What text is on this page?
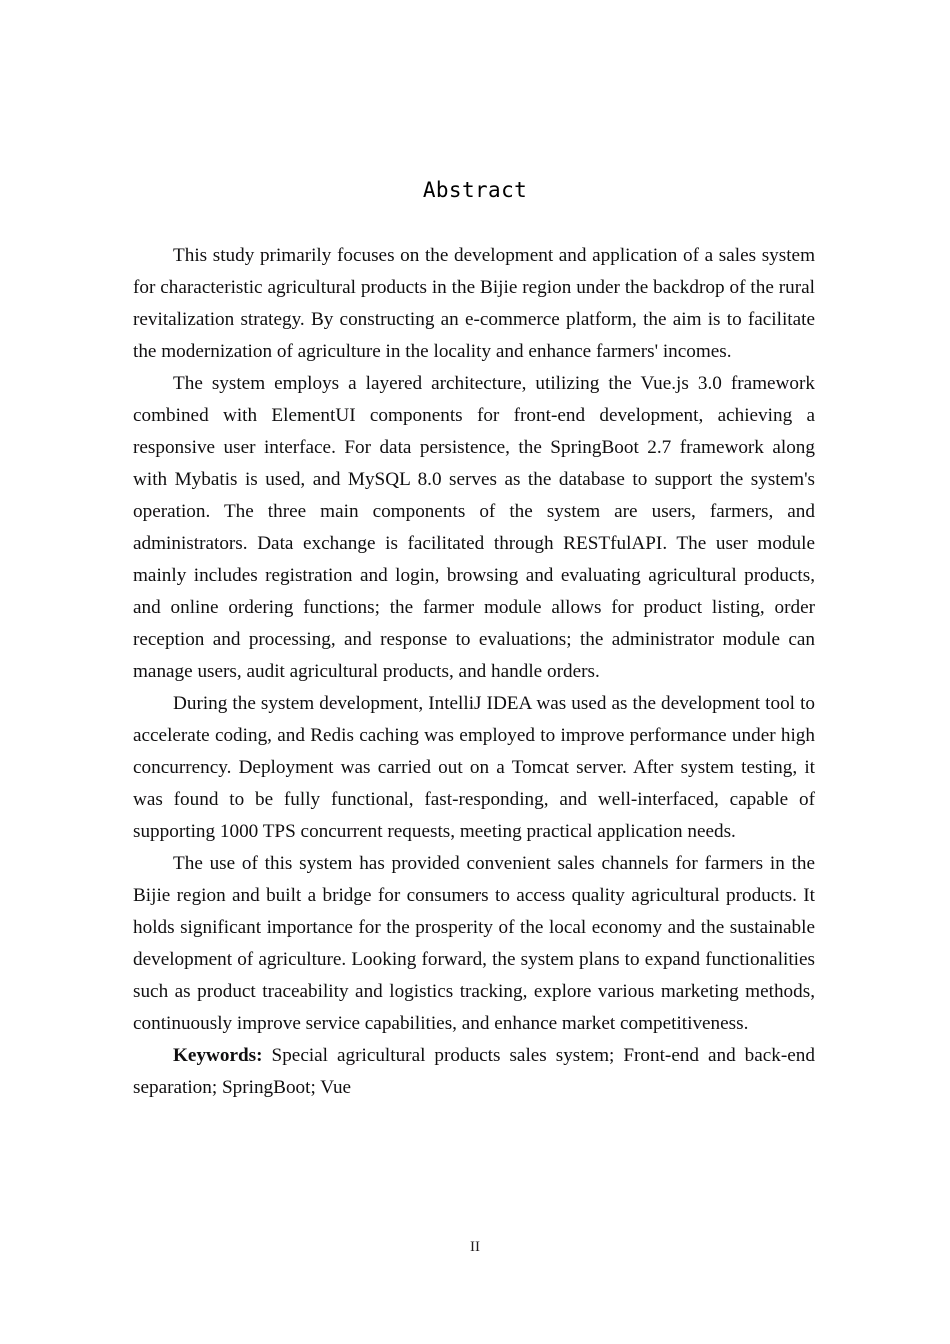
Abstract

This study primarily focuses on the development and application of a sales system for characteristic agricultural products in the Bijie region under the backdrop of the rural revitalization strategy. By constructing an e-commerce platform, the aim is to facilitate the modernization of agriculture in the locality and enhance farmers' incomes.

The system employs a layered architecture, utilizing the Vue.js 3.0 framework combined with ElementUI components for front-end development, achieving a responsive user interface. For data persistence, the SpringBoot 2.7 framework along with Mybatis is used, and MySQL 8.0 serves as the database to support the system's operation. The three main components of the system are users, farmers, and administrators. Data exchange is facilitated through RESTfulAPI. The user module mainly includes registration and login, browsing and evaluating agricultural products, and online ordering functions; the farmer module allows for product listing, order reception and processing, and response to evaluations; the administrator module can manage users, audit agricultural products, and handle orders.

During the system development, IntelliJ IDEA was used as the development tool to accelerate coding, and Redis caching was employed to improve performance under high concurrency. Deployment was carried out on a Tomcat server. After system testing, it was found to be fully functional, fast-responding, and well-interfaced, capable of supporting 1000 TPS concurrent requests, meeting practical application needs.

The use of this system has provided convenient sales channels for farmers in the Bijie region and built a bridge for consumers to access quality agricultural products. It holds significant importance for the prosperity of the local economy and the sustainable development of agriculture. Looking forward, the system plans to expand functionalities such as product traceability and logistics tracking, explore various marketing methods, continuously improve service capabilities, and enhance market competitiveness.

Keywords: Special agricultural products sales system; Front-end and back-end separation; SpringBoot; Vue

II
